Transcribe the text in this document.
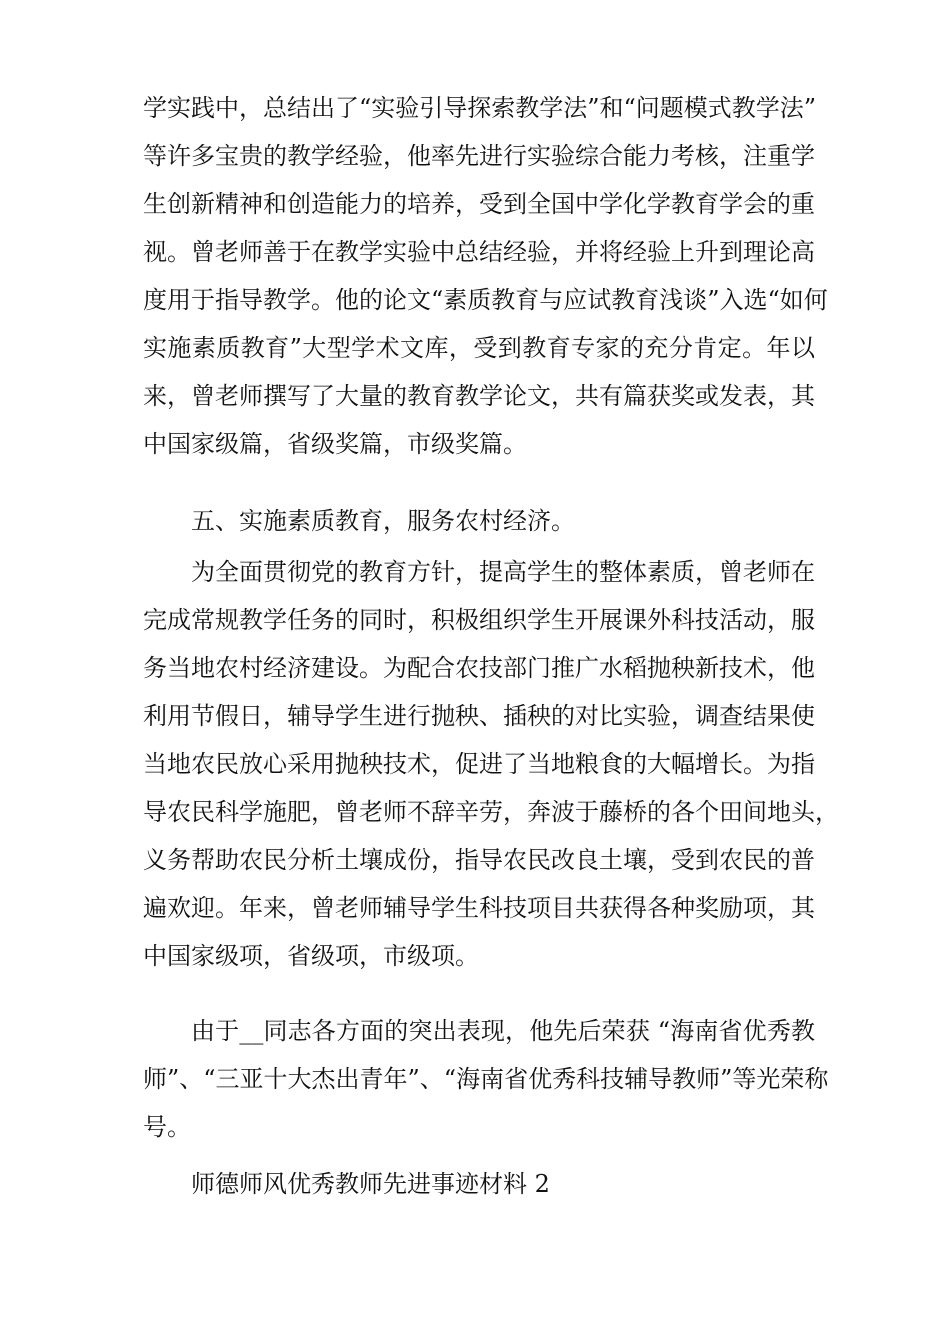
学实践中，总结出了“实验引导探索教学法”和“问题模式教学法”
等许多宝贵的教学经验，他率先进行实验综合能力考核，注重学
生创新精神和创造能力的培养，受到全国中学化学教育学会的重
视。曾老师善于在教学实验中总结经验，并将经验上升到理论高
度用于指导教学。他的论文“素质教育与应试教育浅谈”入选“如何
实施素质教育”大型学术文库，受到教育专家的充分肯定。年以
来，曾老师撰写了大量的教育教学论文，共有篇获奖或发表，其
中国家级篇，省级奖篇，市级奖篇。
五、实施素质教育，服务农村经济。
为全面贯彻党的教育方针，提高学生的整体素质，曾老师在
完成常规教学任务的同时，积极组织学生开展课外科技活动，服
务当地农村经济建设。为配合农技部门推广水稻抛秧新技术，他
利用节假日，辅导学生进行抛秧、插秧的对比实验，调查结果使
当地农民放心采用抛秧技术，促进了当地粮食的大幅增长。为指
导农民科学施肥，曾老师不辞辛劳，奔波于藤桥的各个田间地头，
义务帮助农民分析土壤成份，指导农民改良土壤，受到农民的普
遍欢迎。年来，曾老师辅导学生科技项目共获得各种奖励项，其
中国家级项，省级项，市级项。
由于__同志各方面的突出表现，他先后荣获 “海南省优秀教
师”、“三亚十大杰出青年”、“海南省优秀科技辅导教师”等光荣称
号。
师德师风优秀教师先进事迹材料 2
